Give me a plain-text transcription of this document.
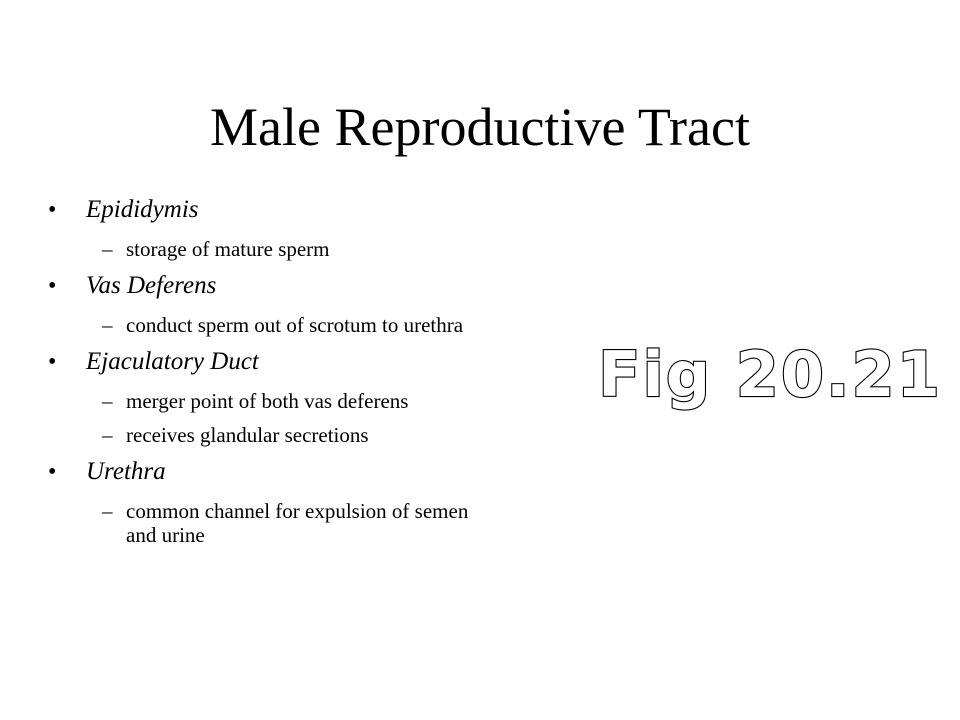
Male Reproductive Tract
• Epididymis
– storage of mature sperm
• Vas Deferens
– conduct sperm out of scrotum to urethra
• Ejaculatory Duct
– merger point of both vas deferens
– receives glandular secretions
• Urethra
– common channel for expulsion of semen and urine
Fig 20.21
